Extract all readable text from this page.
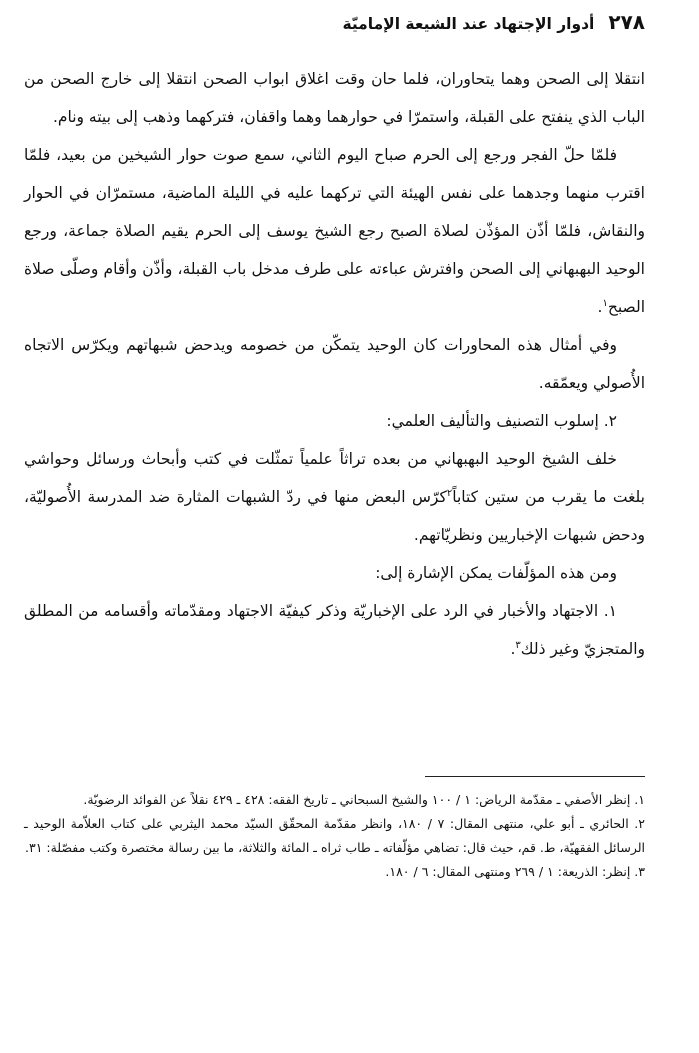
٢٧٨
أدوار الإجتهاد عند الشيعة الإماميّة

انتقلا إلى الصحن وهما يتحاوران، فلما حان وقت اغلاق ابواب الصحن انتقلا إلى خارج الصحن من الباب الذي ينفتح على القبلة، واستمرّا في حوارهما وهما واقفان، فتركهما وذهب إلى بيته ونام.

فلمّا حلّ الفجر ورجع إلى الحرم صباح اليوم الثاني، سمع صوت حوار الشيخين من بعيد، فلمّا اقترب منهما وجدهما على نفس الهيئة التي تركهما عليه في الليلة الماضية، مستمرّان في الحوار والنقاش، فلمّا أذّن المؤذّن لصلاة الصبح رجع الشيخ يوسف إلى الحرم يقيم الصلاة جماعة، ورجع الوحيد البهبهاني إلى الصحن وافترش عباءته على طرف مدخل باب القبلة، وأذّن وأقام وصلّى صلاة الصبح$^١$.

وفي أمثال هذه المحاورات كان الوحيد يتمكّن من خصومه ويدحض شبهاتهم ويكرّس الاتجاه الأُصولي ويعمّقه.

٢. إسلوب التصنيف والتأليف العلمي:

خلف الشيخ الوحيد البهبهاني من بعده تراثاً علمياً تمثّلت في كتب وأبحاث ورسائل وحواشي بلغت ما يقرب من ستين كتاباً$^٢$كرّس البعض منها في ردّ الشبهات المثارة ضد المدرسة الأُصوليّة، ودحض شبهات الإخباريين ونظريّاتهم.

ومن هذه المؤلّفات يمكن الإشارة إلى:

١. الاجتهاد والأخبار في الرد على الإخباريّة وذكر كيفيّة الاجتهاد ومقدّماته وأقسامه من المطلق والمتجزيّ وغير ذلك$^٣$.

١. إنظر الأصفي ـ مقدّمة الرياض: ١ / ١٠٠ والشيخ السبحاني ـ تاريخ الفقه: ٤٢٨ ـ ٤٢٩ نقلاً عن الفوائد الرضويّة.

٢. الحائري ـ أبو علي، منتهى المقال: ٧ / ١٨٠، وانظر مقدّمة المحقّق السيّد محمد اليثربي على كتاب العلاّمة الوحيد ـ الرسائل الفقهيّة، ط. قم، حيث قال: تضاهي مؤلّفاته ـ طاب ثراه ـ المائة والثلاثة، ما بين رسالة مختصرة وكتب مفصّلة: ٣١.

٣. إنظر: الذريعة: ١ / ٢٦٩ ومنتهى المقال: ٦ / ١٨٠.
